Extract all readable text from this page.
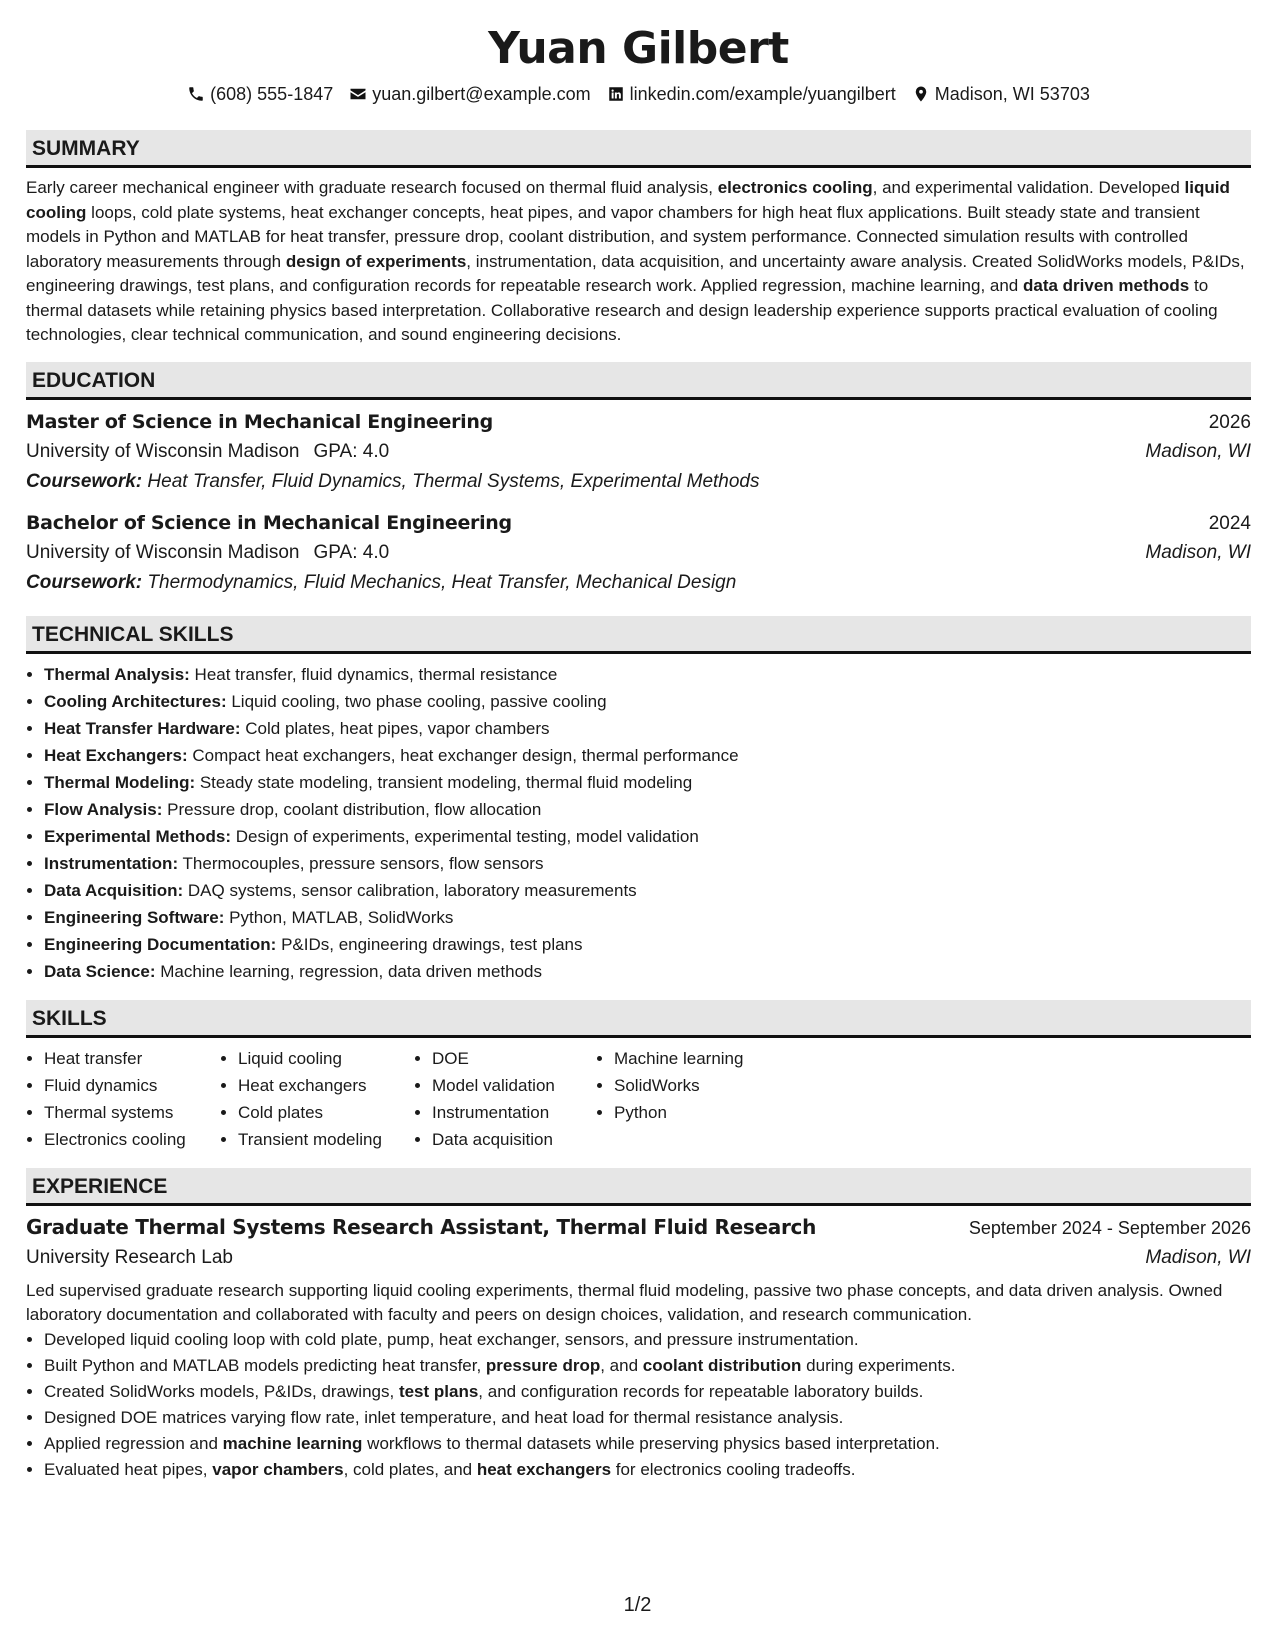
Yuan Gilbert
(608) 555-1847 yuan.gilbert@example.com linkedin.com/example/yuangilbert Madison, WI 53703
SUMMARY
Early career mechanical engineer with graduate research focused on thermal fluid analysis, electronics cooling, and experimental validation. Developed liquid cooling loops, cold plate systems, heat exchanger concepts, heat pipes, and vapor chambers for high heat flux applications. Built steady state and transient models in Python and MATLAB for heat transfer, pressure drop, coolant distribution, and system performance. Connected simulation results with controlled laboratory measurements through design of experiments, instrumentation, data acquisition, and uncertainty aware analysis. Created SolidWorks models, P&IDs, engineering drawings, test plans, and configuration records for repeatable research work. Applied regression, machine learning, and data driven methods to thermal datasets while retaining physics based interpretation. Collaborative research and design leadership experience supports practical evaluation of cooling technologies, clear technical communication, and sound engineering decisions.
EDUCATION
Master of Science in Mechanical Engineering	2026
University of Wisconsin Madison GPA: 4.0	Madison, WI
Coursework: Heat Transfer, Fluid Dynamics, Thermal Systems, Experimental Methods
Bachelor of Science in Mechanical Engineering	2024
University of Wisconsin Madison GPA: 4.0	Madison, WI
Coursework: Thermodynamics, Fluid Mechanics, Heat Transfer, Mechanical Design
TECHNICAL SKILLS
• Thermal Analysis: Heat transfer, fluid dynamics, thermal resistance
• Cooling Architectures: Liquid cooling, two phase cooling, passive cooling
• Heat Transfer Hardware: Cold plates, heat pipes, vapor chambers
• Heat Exchangers: Compact heat exchangers, heat exchanger design, thermal performance
• Thermal Modeling: Steady state modeling, transient modeling, thermal fluid modeling
• Flow Analysis: Pressure drop, coolant distribution, flow allocation
• Experimental Methods: Design of experiments, experimental testing, model validation
• Instrumentation: Thermocouples, pressure sensors, flow sensors
• Data Acquisition: DAQ systems, sensor calibration, laboratory measurements
• Engineering Software: Python, MATLAB, SolidWorks
• Engineering Documentation: P&IDs, engineering drawings, test plans
• Data Science: Machine learning, regression, data driven methods
SKILLS
• Heat transfer
• Fluid dynamics
• Thermal systems
• Electronics cooling
• Liquid cooling
• Heat exchangers
• Cold plates
• Transient modeling
• DOE
• Model validation
• Instrumentation
• Data acquisition
• Machine learning
• SolidWorks
• Python
EXPERIENCE
Graduate Thermal Systems Research Assistant, Thermal Fluid Research	September 2024 - September 2026
University Research Lab	Madison, WI
Led supervised graduate research supporting liquid cooling experiments, thermal fluid modeling, passive two phase concepts, and data driven analysis. Owned laboratory documentation and collaborated with faculty and peers on design choices, validation, and research communication.
• Developed liquid cooling loop with cold plate, pump, heat exchanger, sensors, and pressure instrumentation.
• Built Python and MATLAB models predicting heat transfer, pressure drop, and coolant distribution during experiments.
• Created SolidWorks models, P&IDs, drawings, test plans, and configuration records for repeatable laboratory builds.
• Designed DOE matrices varying flow rate, inlet temperature, and heat load for thermal resistance analysis.
• Applied regression and machine learning workflows to thermal datasets while preserving physics based interpretation.
• Evaluated heat pipes, vapor chambers, cold plates, and heat exchangers for electronics cooling tradeoffs.
1/2
